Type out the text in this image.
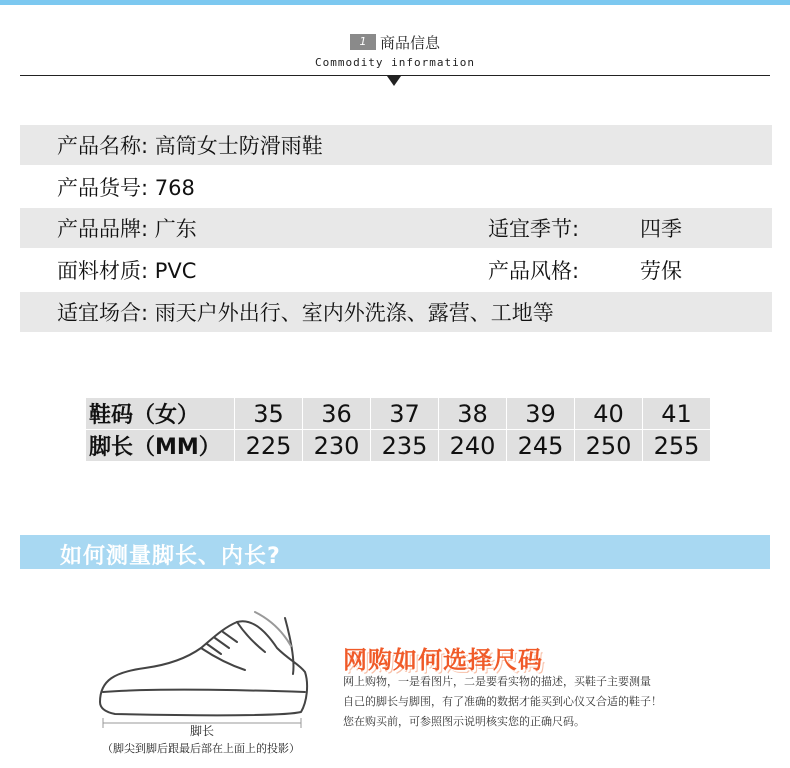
1 商品信息
Commodity information
产品名称: 高筒女士防滑雨鞋
产品货号: 768
产品品牌: 广东	适宜季节:	四季
面料材质: PVC	产品风格:	劳保
适宜场合: 雨天户外出行、室内外洗涤、露营、工地等
鞋码（女）	35	36	37	38	39	40	41
脚长（MM）	225	230	235	240	245	250	255
如何测量脚长、内长?
脚长
（脚尖到脚后跟最后部在上面上的投影）
网购如何选择尺码
网上购物，一是看图片，二是要看实物的描述，买鞋子主要测量
自己的脚长与脚围，有了准确的数据才能买到心仪又合适的鞋子！
您在购买前，可参照图示说明核实您的正确尺码。
